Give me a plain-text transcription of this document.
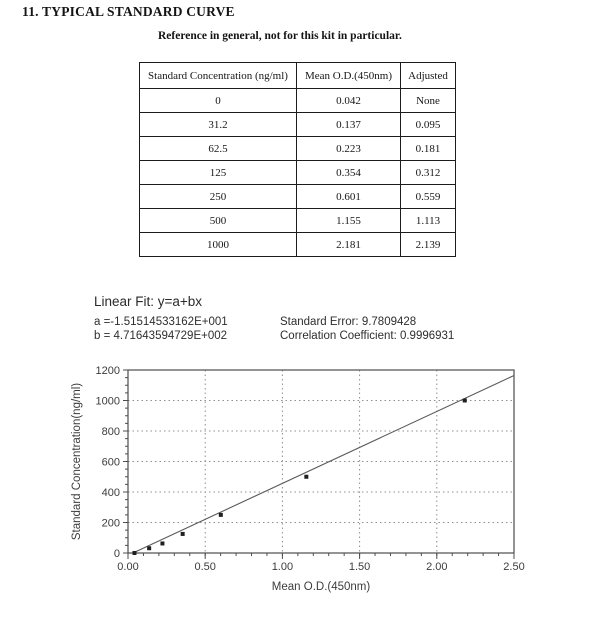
11. TYPICAL STANDARD CURVE
Reference in general, not for this kit in particular.
Standard Concentration (ng/ml)	Mean O.D.(450nm)	Adjusted
0	0.042	None
31.2	0.137	0.095
62.5	0.223	0.181
125	0.354	0.312
250	0.601	0.559
500	1.155	1.113
1000	2.181	2.139
Linear Fit: y=a+bx
a =-1.51514533162E+001
b = 4.71643594729E+002
Standard Error: 9.7809428
Correlation Coefficient: 0.9996931
0.00	0.50	1.00	1.50	2.00	2.50
0
200
400
600
800
1000
1200
Mean O.D.(450nm)
Standard Concentration(ng/ml)
